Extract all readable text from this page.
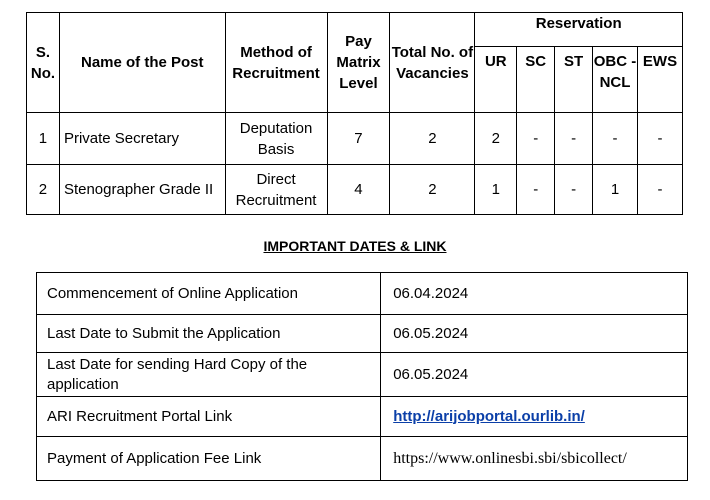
S. No.	Name of the Post	Method of Recruitment	Pay Matrix Level	Total No. of Vacancies	Reservation				
					UR	SC	ST	OBC - NCL	EWS
1	Private Secretary	Deputation Basis	7	2	2	-	-	-	-
2	Stenographer Grade II	Direct Recruitment	4	2	1	-	-	1	-
IMPORTANT DATES & LINK
Commencement of Online Application	06.04.2024
Last Date to Submit the Application	06.05.2024
Last Date for sending Hard Copy of the application	06.05.2024
ARI Recruitment Portal Link	http://arijobportal.ourlib.in/
Payment of Application Fee Link	https://www.onlinesbi.sbi/sbicollect/
